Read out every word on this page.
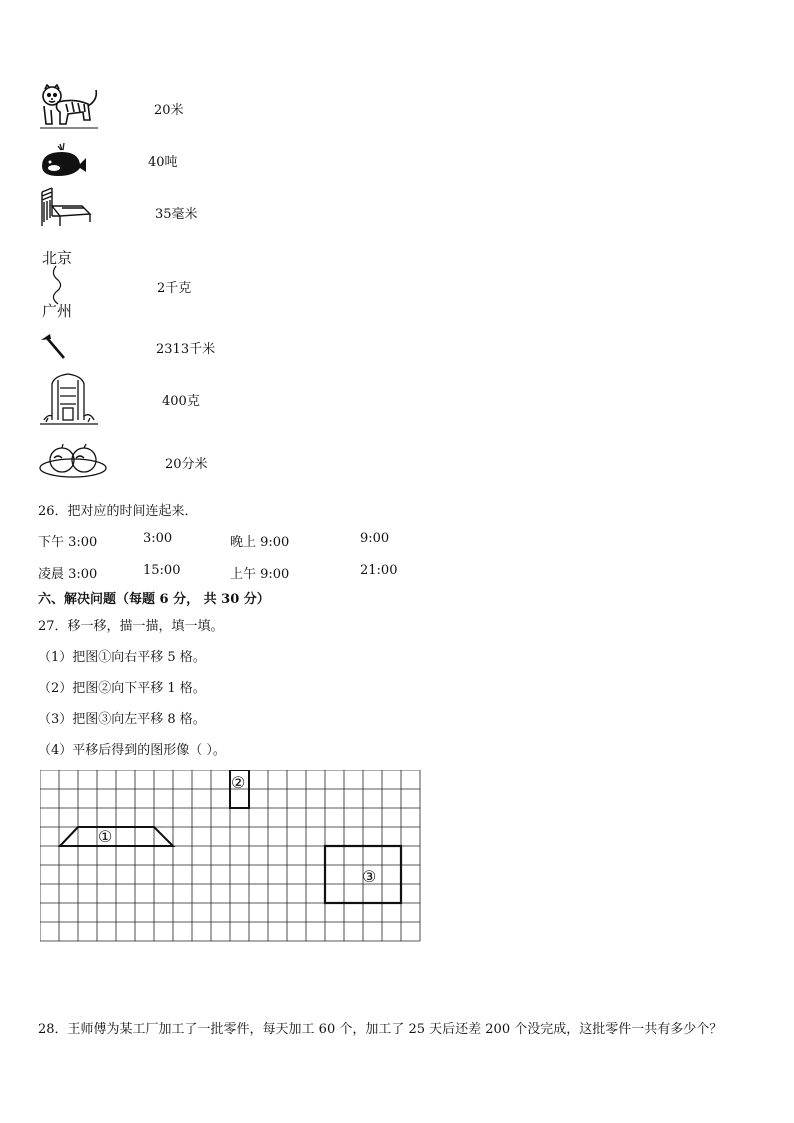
20米
40吨
35毫米
北京
广州
2千克
2313千米
400克
20分米
26．把对应的时间连起来．
下午 3:00	3:00	晚上 9:00	9:00
凌晨 3:00	15:00	上午 9:00	21:00
六、解决问题（每题 6 分， 共 30 分）
27．移一移，描一描，填一填。
（1）把图①向右平移 5 格。
（2）把图②向下平移 1 格。
（3）把图③向左平移 8 格。
（4）平移后得到的图形像（ ）。
①
②
③
28．王师傅为某工厂加工了一批零件，每天加工 60 个，加工了 25 天后还差 200 个没完成，这批零件一共有多少个？
